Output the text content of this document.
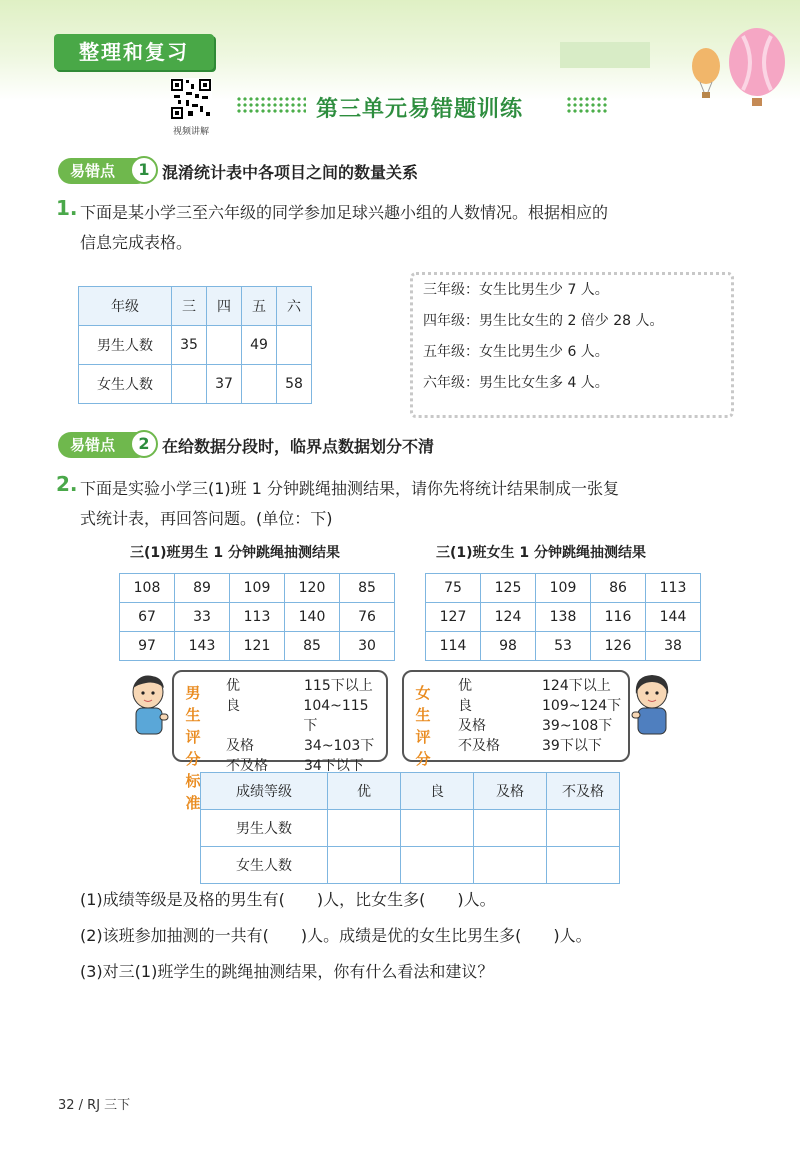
整理和复习
视频讲解
第三单元易错题训练
易错点	1 混淆统计表中各项目之间的数量关系
1. 下面是某小学三至六年级的同学参加足球兴趣小组的人数情况。根据相应的
信息完成表格。
年级	三	四	五	六
男生人数	35		49	
女生人数		37		58
三年级：女生比男生少 7 人。
四年级：男生比女生的 2 倍少 28 人。
五年级：女生比男生少 6 人。
六年级：男生比女生多 4 人。
易错点	2 在给数据分段时，临界点数据划分不清
2. 下面是实验小学三(1)班 1 分钟跳绳抽测结果，请你先将统计结果制成一张复
式统计表，再回答问题。(单位：下)
三(1)班男生 1 分钟跳绳抽测结果	三(1)班女生 1 分钟跳绳抽测结果
108	89	109	120	85
67	33	113	140	76
97	143	121	85	30
75	125	109	86	113
127	124	138	116	144
114	98	53	126	38
男生
评分
标准
优	115下以上
良	104~115下
及格	34~103下
不及格	34下以下
女生
评分
标准
优	124下以上
良	109~124下
及格	39~108下
不及格	39下以下
成绩等级	优	良	及格	不及格
男生人数				
女生人数				
(1)成绩等级是及格的男生有(　　)人，比女生多(　　)人。
(2)该班参加抽测的一共有(　　)人。成绩是优的女生比男生多(　　)人。
(3)对三(1)班学生的跳绳抽测结果，你有什么看法和建议？
32 / RJ 三下
